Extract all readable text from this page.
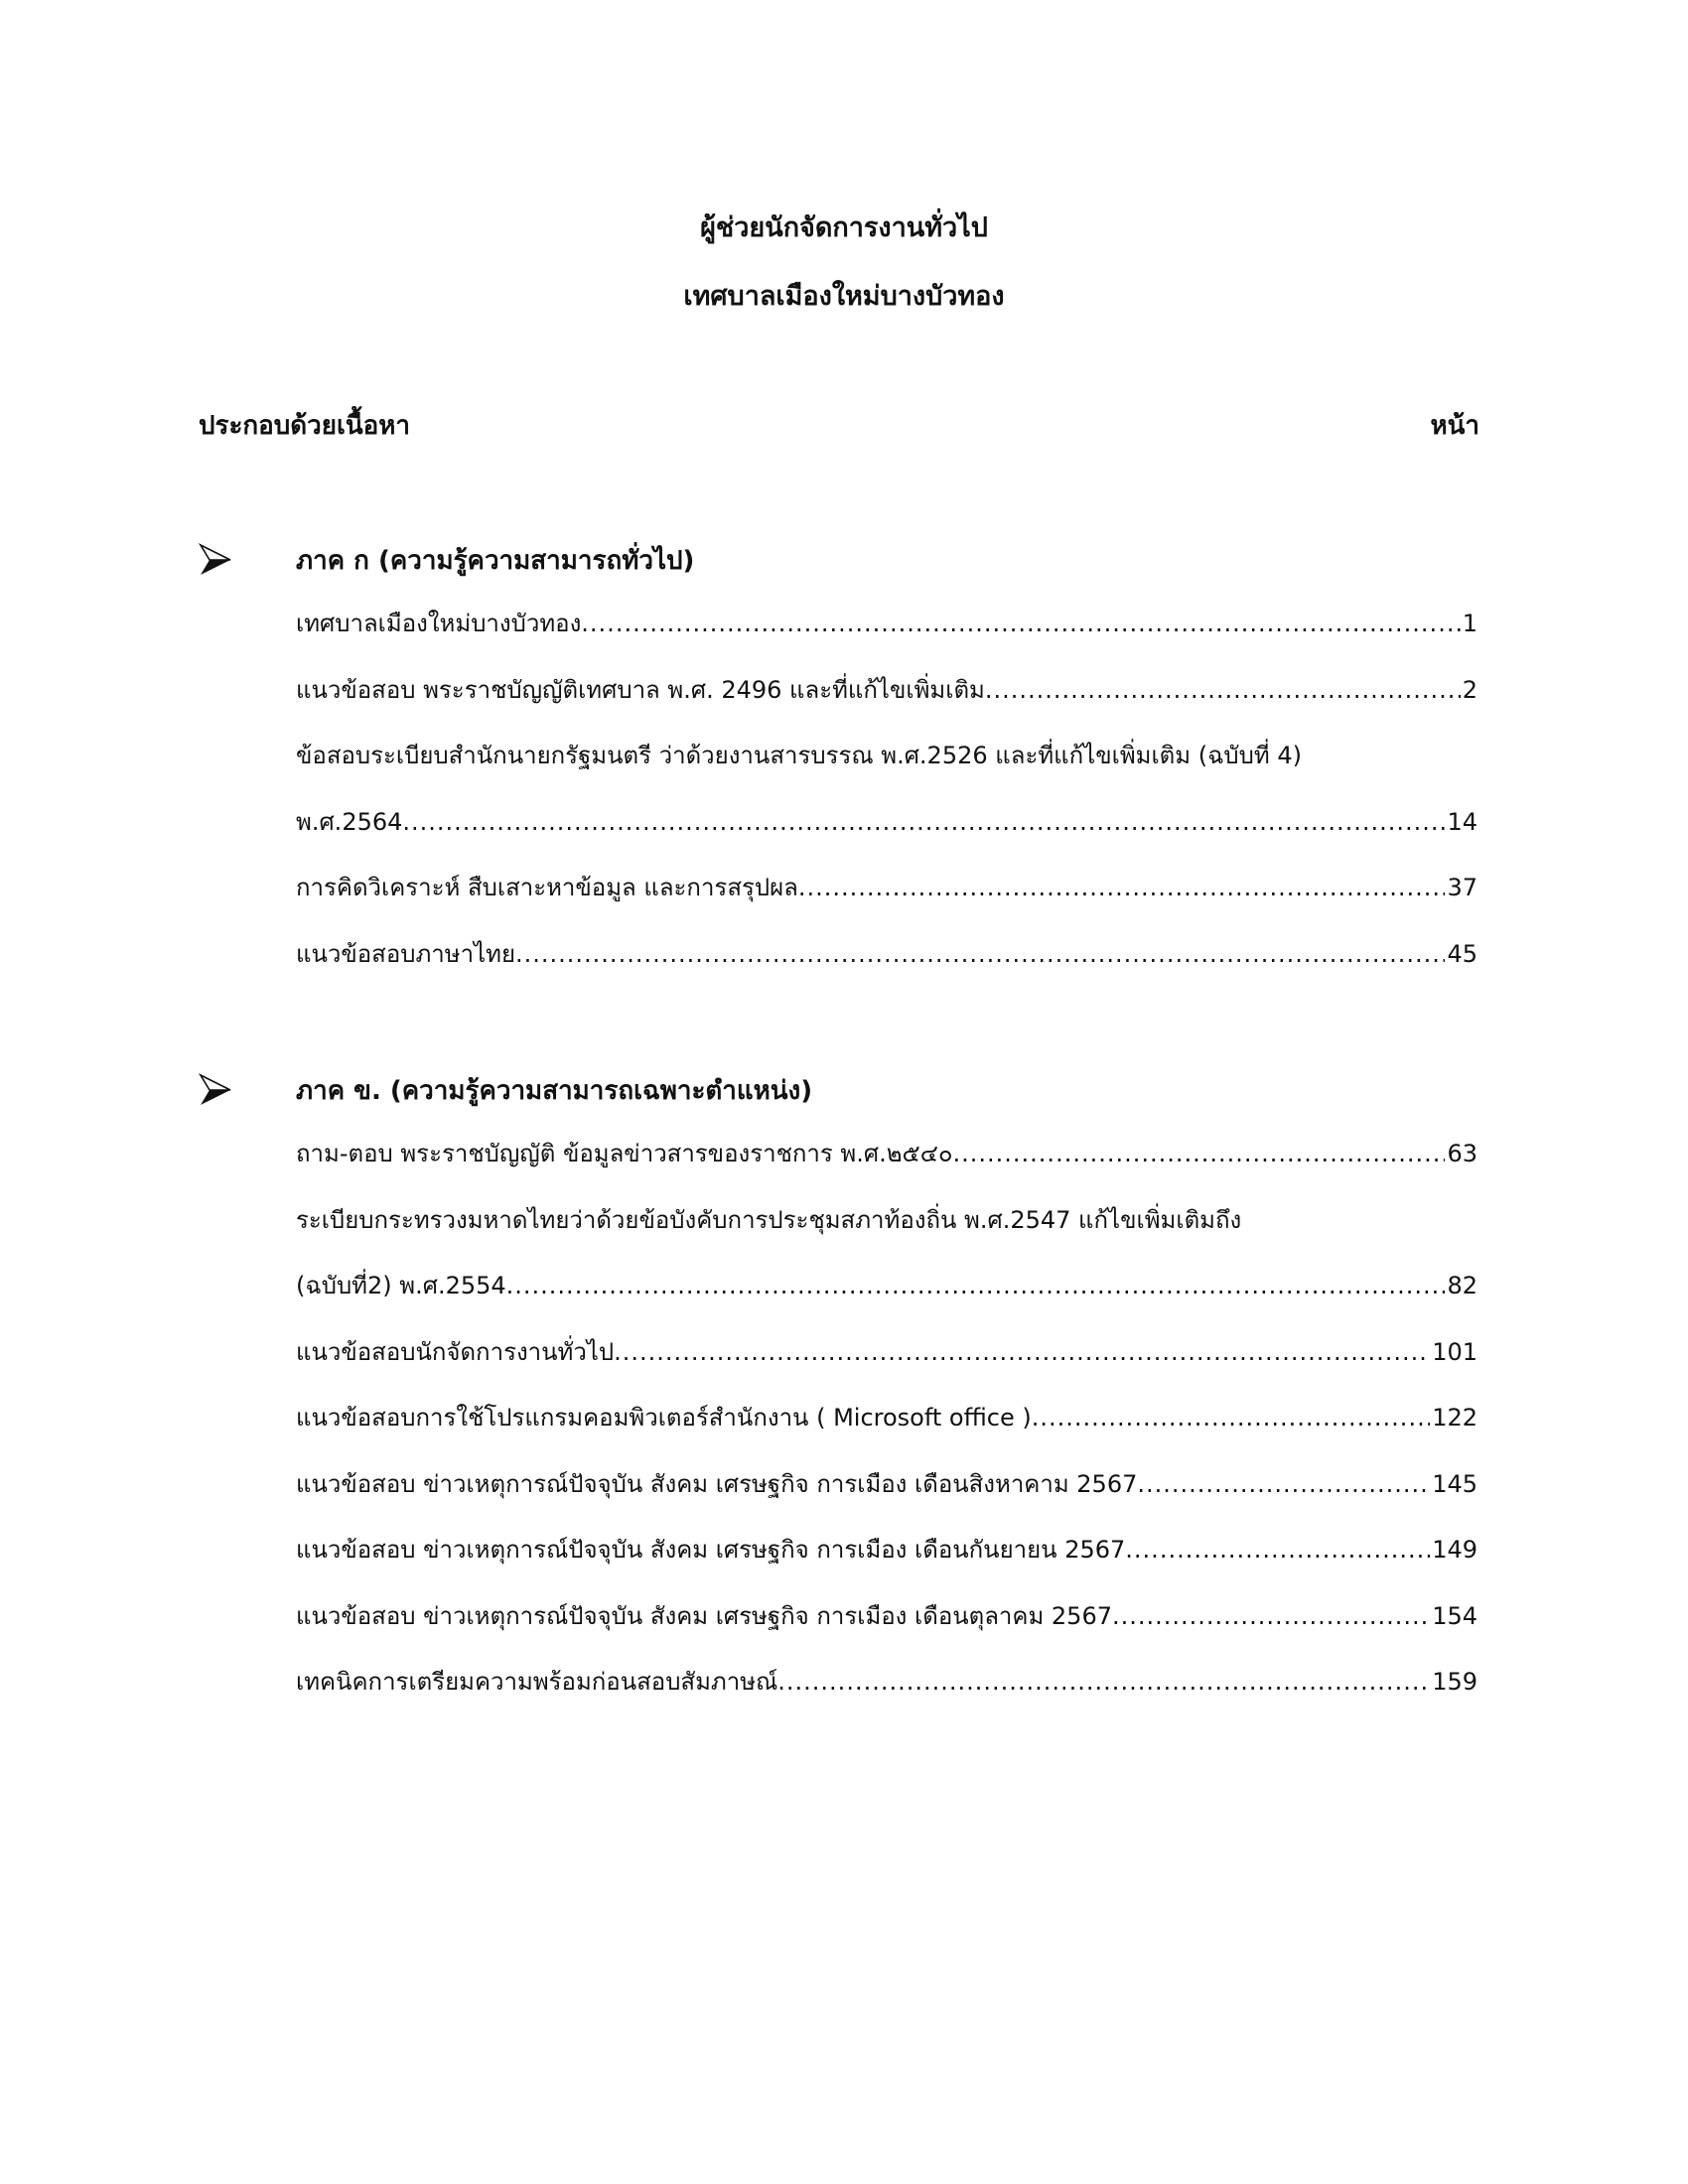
ผู้ช่วยนักจัดการงานทั่วไป
เทศบาลเมืองใหม่บางบัวทอง
ประกอบด้วยเนื้อหา	หน้า
ภาค ก (ความรู้ความสามารถทั่วไป)
เทศบาลเมืองใหม่บางบัวทอง .....	1
แนวข้อสอบ พระราชบัญญัติเทศบาล พ.ศ. 2496 และที่แก้ไขเพิ่มเติม .....	2
ข้อสอบระเบียบสำนักนายกรัฐมนตรี ว่าด้วยงานสารบรรณ พ.ศ.2526 และที่แก้ไขเพิ่มเติม (ฉบับที่ 4)
พ.ศ.2564 .....	14
การคิดวิเคราะห์ สืบเสาะหาข้อมูล และการสรุปผล .....	37
แนวข้อสอบภาษาไทย .....	45
ภาค ข. (ความรู้ความสามารถเฉพาะตำแหน่ง)
ถาม-ตอบ พระราชบัญญัติ ข้อมูลข่าวสารของราชการ พ.ศ.๒๕๔๐ .....	63
ระเบียบกระทรวงมหาดไทยว่าด้วยข้อบังคับการประชุมสภาท้องถิ่น พ.ศ.2547 แก้ไขเพิ่มเติมถึง
(ฉบับที่2) พ.ศ.2554 .....	82
แนวข้อสอบนักจัดการงานทั่วไป .....	101
แนวข้อสอบการใช้โปรแกรมคอมพิวเตอร์สำนักงาน ( Microsoft office ) .....	122
แนวข้อสอบ ข่าวเหตุการณ์ปัจจุบัน สังคม เศรษฐกิจ การเมือง เดือนสิงหาคาม 2567 .....	145
แนวข้อสอบ ข่าวเหตุการณ์ปัจจุบัน สังคม เศรษฐกิจ การเมือง เดือนกันยายน 2567 .....	149
แนวข้อสอบ ข่าวเหตุการณ์ปัจจุบัน สังคม เศรษฐกิจ การเมือง เดือนตุลาคม 2567 .....	154
เทคนิคการเตรียมความพร้อมก่อนสอบสัมภาษณ์ .....	159
